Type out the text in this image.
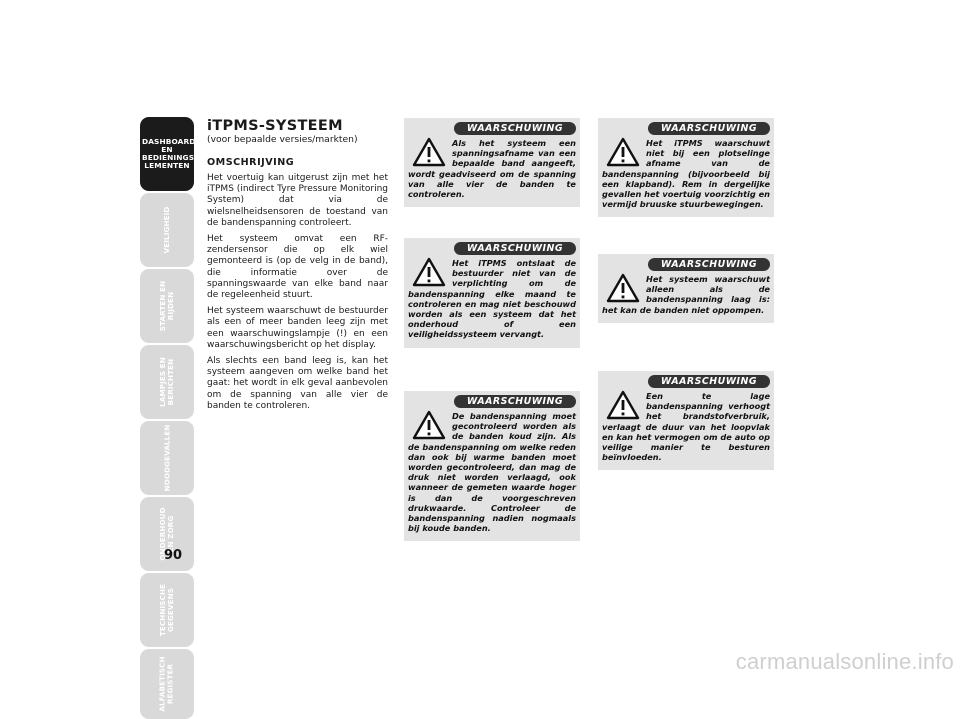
DASHBOARD EN
BEDIENINGS-
LEMENTEN
VEILIGHEID
STARTEN EN
RIJDEN
LAMPJES EN
BERICHTEN
NOODGEVALLEN
ONDERHOUD
EN ZORG
TECHNISCHE
GEGEVENS
ALFABETISCH
REGISTER
90

iTPMS-SYSTEEM

(voor bepaalde versies/markten)

OMSCHRIJVING

Het voertuig kan uitgerust zijn met het iTPMS (indirect Tyre Pressure Monitoring System) dat via de wielsnelheidsensoren de toestand van de bandenspanning controleert.

Het systeem omvat een RF-zendersensor die op elk wiel gemonteerd is (op de velg in de band), die informatie over de spanningswaarde van elke band naar de regeleenheid stuurt.

Het systeem waarschuwt de bestuurder als een of meer banden leeg zijn met een waarschuwingslampje (!) en een waarschuwingsbericht op het display.

Als slechts een band leeg is, kan het systeem aangeven om welke band het gaat: het wordt in elk geval aanbevolen om de spanning van alle vier de banden te controleren.

WAARSCHUWING

Als het systeem een spanningsafname van een bepaalde band aangeeft, wordt geadviseerd om de spanning van alle vier de banden te controleren.

WAARSCHUWING

Het iTPMS ontslaat de bestuurder niet van de verplichting om de bandenspanning elke maand te controleren en mag niet beschouwd worden als een systeem dat het onderhoud of een veiligheidssysteem vervangt.

WAARSCHUWING

De bandenspanning moet gecontroleerd worden als de banden koud zijn. Als de bandenspanning om welke reden dan ook bij warme banden moet worden gecontroleerd, dan mag de druk niet worden verlaagd, ook wanneer de gemeten waarde hoger is dan de voorgeschreven drukwaarde. Controleer de bandenspanning nadien nogmaals bij koude banden.

WAARSCHUWING

Het iTPMS waarschuwt niet bij een plotselinge afname van de bandenspanning (bijvoorbeeld bij een klapband). Rem in dergelijke gevallen het voertuig voorzichtig en vermijd bruuske stuurbewegingen.

WAARSCHUWING

Het systeem waarschuwt alleen als de bandenspanning laag is: het kan de banden niet oppompen.

WAARSCHUWING

Een te lage bandenspanning verhoogt het brandstofverbruik, verlaagt de duur van het loopvlak en kan het vermogen om de auto op veilige manier te besturen beïnvloeden.

carmanualsonline.info
